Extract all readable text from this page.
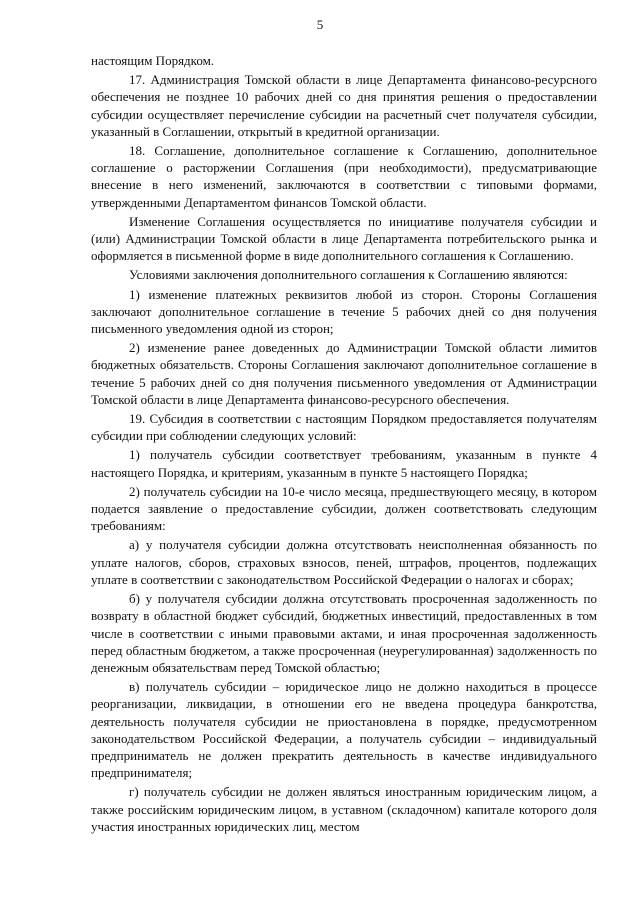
5

настоящим Порядком.

17. Администрация Томской области в лице Департамента финансово-ресурсного обеспечения не позднее 10 рабочих дней со дня принятия решения о предоставлении субсидии осуществляет перечисление субсидии на расчетный счет получателя субсидии, указанный в Соглашении, открытый в кредитной организации.

18. Соглашение, дополнительное соглашение к Соглашению, дополнительное соглашение о расторжении Соглашения (при необходимости), предусматривающие внесение в него изменений, заключаются в соответствии с типовыми формами, утвержденными Департаментом финансов Томской области.

Изменение Соглашения осуществляется по инициативе получателя субсидии и (или) Администрации Томской области в лице Департамента потребительского рынка и оформляется в письменной форме в виде дополнительного соглашения к Соглашению.

Условиями заключения дополнительного соглашения к Соглашению являются:

1) изменение платежных реквизитов любой из сторон. Стороны Соглашения заключают дополнительное соглашение в течение 5 рабочих дней со дня получения письменного уведомления одной из сторон;

2) изменение ранее доведенных до Администрации Томской области лимитов бюджетных обязательств. Стороны Соглашения заключают дополнительное соглашение в течение 5 рабочих дней со дня получения письменного уведомления от Администрации Томской области в лице Департамента финансово-ресурсного обеспечения.

19. Субсидия в соответствии с настоящим Порядком предоставляется получателям субсидии при соблюдении следующих условий:

1) получатель субсидии соответствует требованиям, указанным в пункте 4 настоящего Порядка, и критериям, указанным в пункте 5 настоящего Порядка;

2) получатель субсидии на 10-е число месяца, предшествующего месяцу, в котором подается заявление о предоставление субсидии, должен соответствовать следующим требованиям:

а) у получателя субсидии должна отсутствовать неисполненная обязанность по уплате налогов, сборов, страховых взносов, пеней, штрафов, процентов, подлежащих уплате в соответствии с законодательством Российской Федерации о налогах и сборах;

б) у получателя субсидии должна отсутствовать просроченная задолженность по возврату в областной бюджет субсидий, бюджетных инвестиций, предоставленных в том числе в соответствии с иными правовыми актами, и иная просроченная задолженность перед областным бюджетом, а также просроченная (неурегулированная) задолженность по денежным обязательствам перед Томской областью;

в) получатель субсидии – юридическое лицо не должно находиться в процессе реорганизации, ликвидации, в отношении его не введена процедура банкротства, деятельность получателя субсидии не приостановлена в порядке, предусмотренном законодательством Российской Федерации, а получатель субсидии – индивидуальный предприниматель не должен прекратить деятельность в качестве индивидуального предпринимателя;

г) получатель субсидии не должен являться иностранным юридическим лицом, а также российским юридическим лицом, в уставном (складочном) капитале которого доля участия иностранных юридических лиц, местом
